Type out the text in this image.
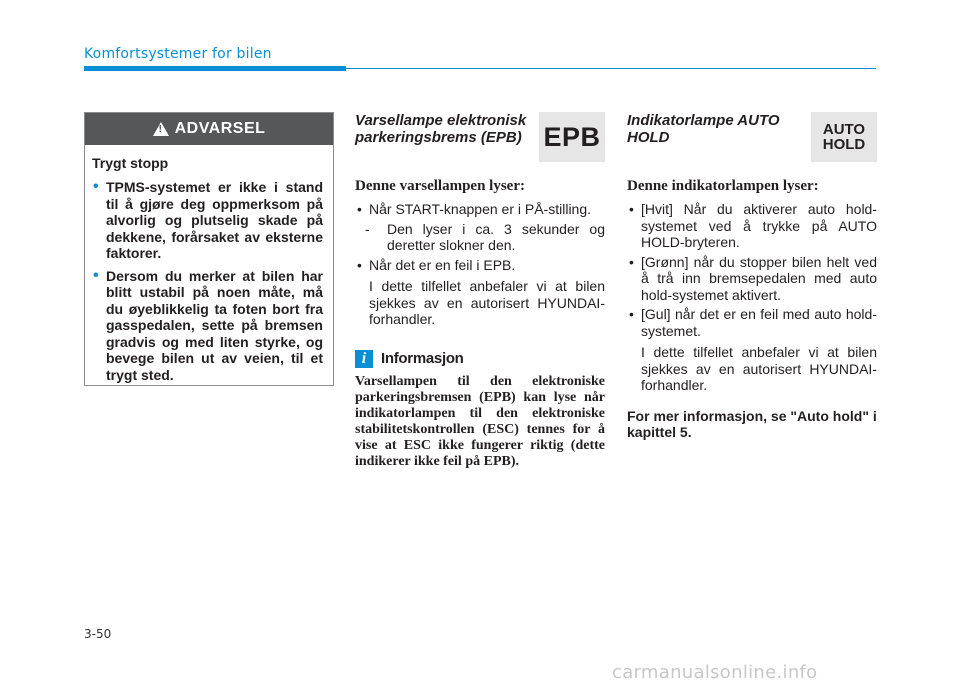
Komfortsystemer for bilen
!
ADVARSEL
Trygt stopp
• TPMS-systemet er ikke i stand til å gjøre deg oppmerksom på alvorlig og plutselig skade på dekkene, forårsaket av eksterne faktorer.
• Dersom du merker at bilen har blitt ustabil på noen måte, må du øyeblikkelig ta foten bort fra gasspedalen, sette på bremsen gradvis og med liten styrke, og bevege bilen ut av veien, til et trygt sted.
Varsellampe elektronisk parkeringsbrems (EPB) EPB
Denne varsellampen lyser:
• Når START-knappen er i PÅ-stilling.
- Den lyser i ca. 3 sekunder og deretter slokner den.
• Når det er en feil i EPB.
I dette tilfellet anbefaler vi at bilen sjekkes av en autorisert HYUNDAI-forhandler.
i Informasjon
Varsellampen til den elektroniske parkeringsbremsen (EPB) kan lyse når indikatorlampen til den elektroniske stabilitetskontrollen (ESC) tennes for å vise at ESC ikke fungerer riktig (dette indikerer ikke feil på EPB).
Indikatorlampe AUTO HOLD	AUTO
HOLD
Denne indikatorlampen lyser:
• [Hvit] Når du aktiverer auto hold-systemet ved å trykke på AUTO HOLD-bryteren.
• [Grønn] når du stopper bilen helt ved å trå inn bremsepedalen med auto hold-systemet aktivert.
• [Gul] når det er en feil med auto hold-systemet.
I dette tilfellet anbefaler vi at bilen sjekkes av en autorisert HYUNDAI-forhandler.
For mer informasjon, se "Auto hold" i kapittel 5.
3-50
carmanualsonline.info
